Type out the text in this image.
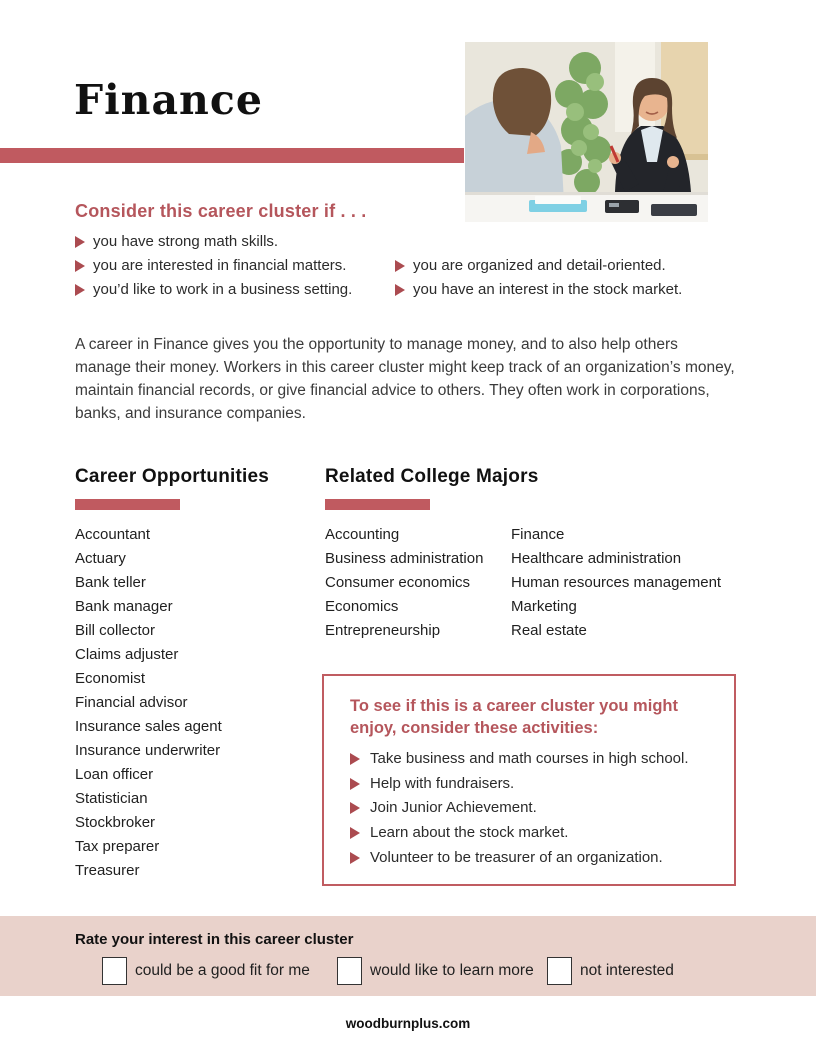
Finance
Consider this career cluster if . . .
you have strong math skills.
you are interested in financial matters.
you’d like to work in a business setting.
you are organized and detail-oriented.
you have an interest in the stock market.
A career in Finance gives you the opportunity to manage money, and to also help others manage their money. Workers in this career cluster might keep track of an organization’s money, maintain financial records, or give financial advice to others. They often work in corporations, banks, and insurance companies.
Career Opportunities
Accountant
Actuary
Bank teller
Bank manager
Bill collector
Claims adjuster
Economist
Financial advisor
Insurance sales agent
Insurance underwriter
Loan officer
Statistician
Stockbroker
Tax preparer
Treasurer
Related College Majors
Accounting
Business administration
Consumer economics
Economics
Entrepreneurship
Finance
Healthcare administration
Human resources management
Marketing
Real estate
To see if this is a career cluster you might enjoy, consider these activities:
Take business and math courses in high school.
Help with fundraisers.
Join Junior Achievement.
Learn about the stock market.
Volunteer to be treasurer of an organization.
Rate your interest in this career cluster
could be a good fit for me	would like to learn more	not interested
woodburnplus.com
